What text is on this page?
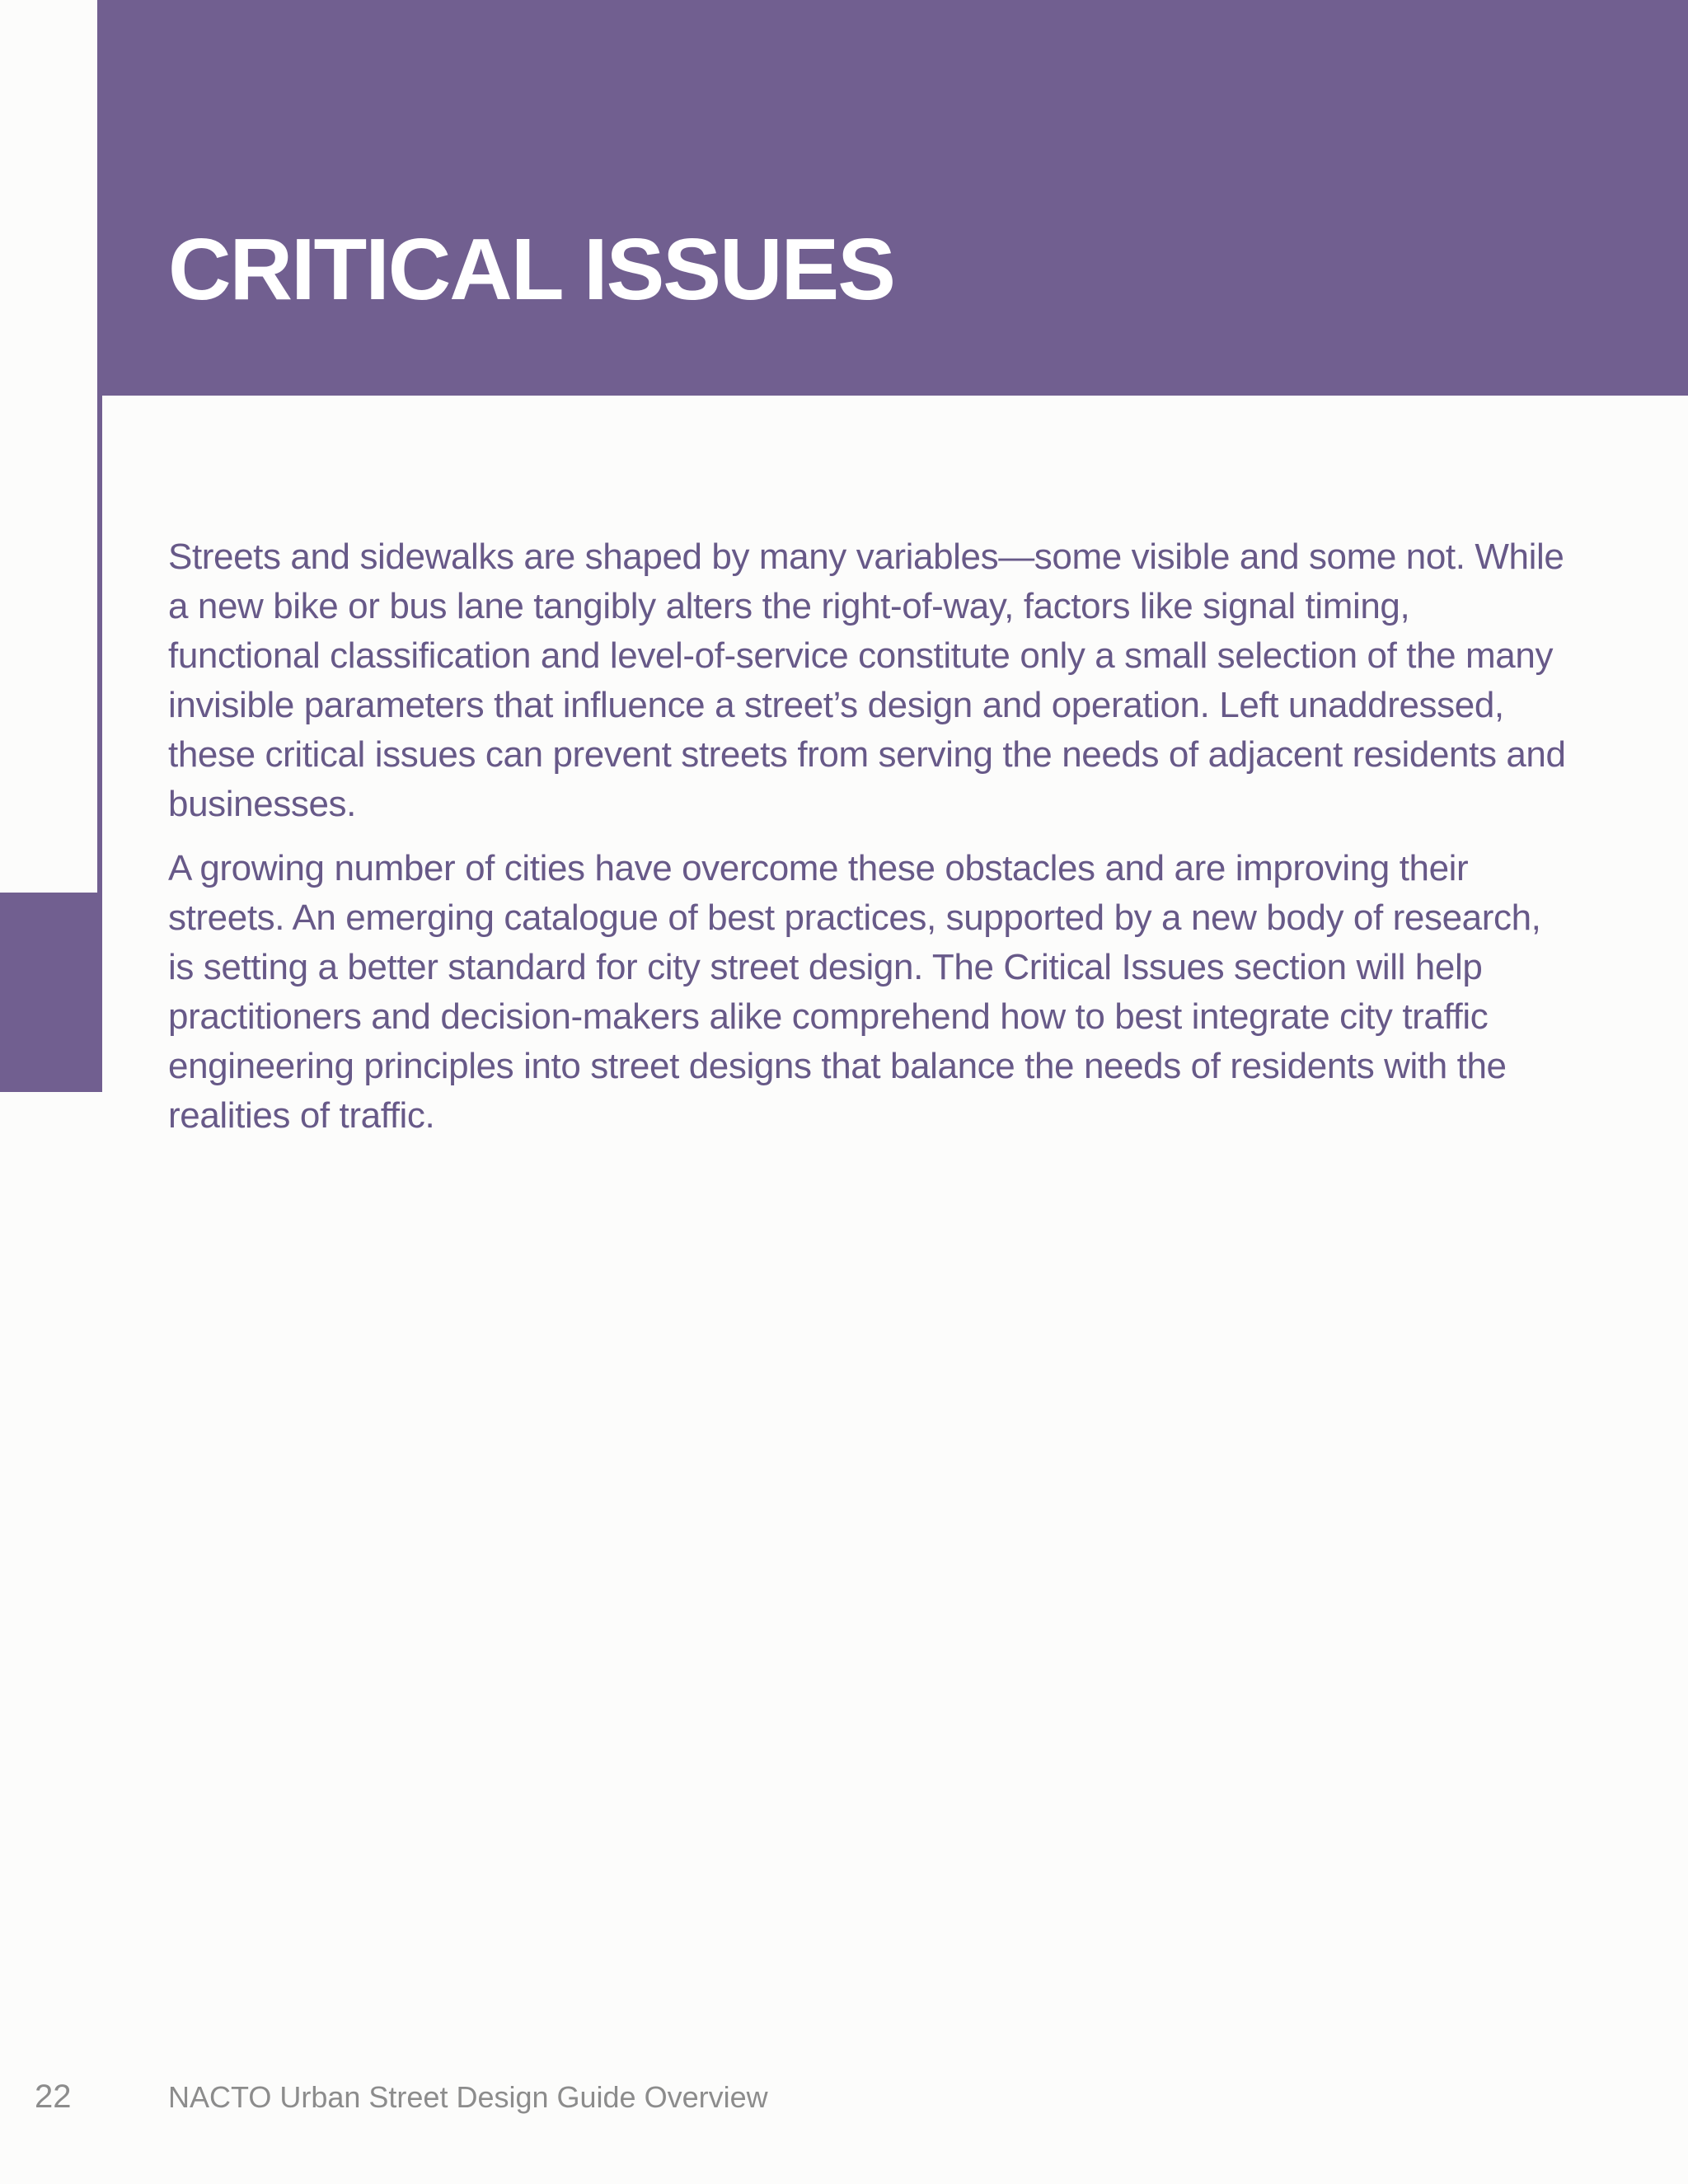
CRITICAL ISSUES

Streets and sidewalks are shaped by many variables—some visible and some not. While a new bike or bus lane tangibly alters the right-of-way, factors like signal timing, functional classification and level-of-service constitute only a small selection of the many invisible parameters that influence a street’s design and operation. Left unaddressed, these critical issues can prevent streets from serving the needs of adjacent residents and businesses.

A growing number of cities have overcome these obstacles and are improving their streets. An emerging catalogue of best practices, supported by a new body of research, is setting a better standard for city street design. The Critical Issues section will help practitioners and decision-makers alike comprehend how to best integrate city traffic engineering principles into street designs that balance the needs of residents with the realities of traffic.

22	NACTO Urban Street Design Guide Overview
